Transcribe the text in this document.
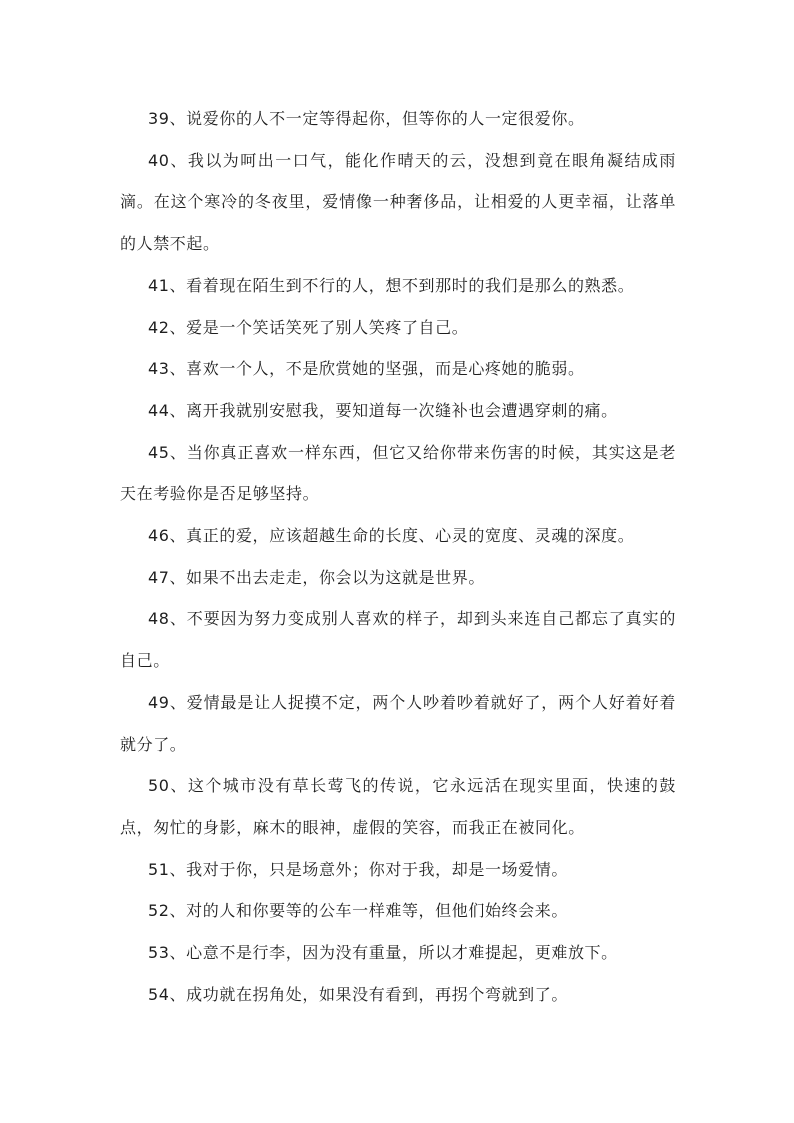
39、说爱你的人不一定等得起你，但等你的人一定很爱你。

40、我以为呵出一口气，能化作晴天的云，没想到竟在眼角凝结成雨滴。在这个寒冷的冬夜里，爱情像一种奢侈品，让相爱的人更幸福，让落单的人禁不起。

41、看着现在陌生到不行的人，想不到那时的我们是那么的熟悉。

42、爱是一个笑话笑死了别人笑疼了自己。

43、喜欢一个人，不是欣赏她的坚强，而是心疼她的脆弱。

44、离开我就别安慰我，要知道每一次缝补也会遭遇穿刺的痛。

45、当你真正喜欢一样东西，但它又给你带来伤害的时候，其实这是老天在考验你是否足够坚持。

46、真正的爱，应该超越生命的长度、心灵的宽度、灵魂的深度。

47、如果不出去走走，你会以为这就是世界。

48、不要因为努力变成别人喜欢的样子，却到头来连自己都忘了真实的自己。

49、爱情最是让人捉摸不定，两个人吵着吵着就好了，两个人好着好着就分了。

50、这个城市没有草长莺飞的传说，它永远活在现实里面，快速的鼓点，匆忙的身影，麻木的眼神，虚假的笑容，而我正在被同化。

51、我对于你，只是场意外；你对于我，却是一场爱情。

52、对的人和你要等的公车一样难等，但他们始终会来。

53、心意不是行李，因为没有重量，所以才难提起，更难放下。

54、成功就在拐角处，如果没有看到，再拐个弯就到了。
